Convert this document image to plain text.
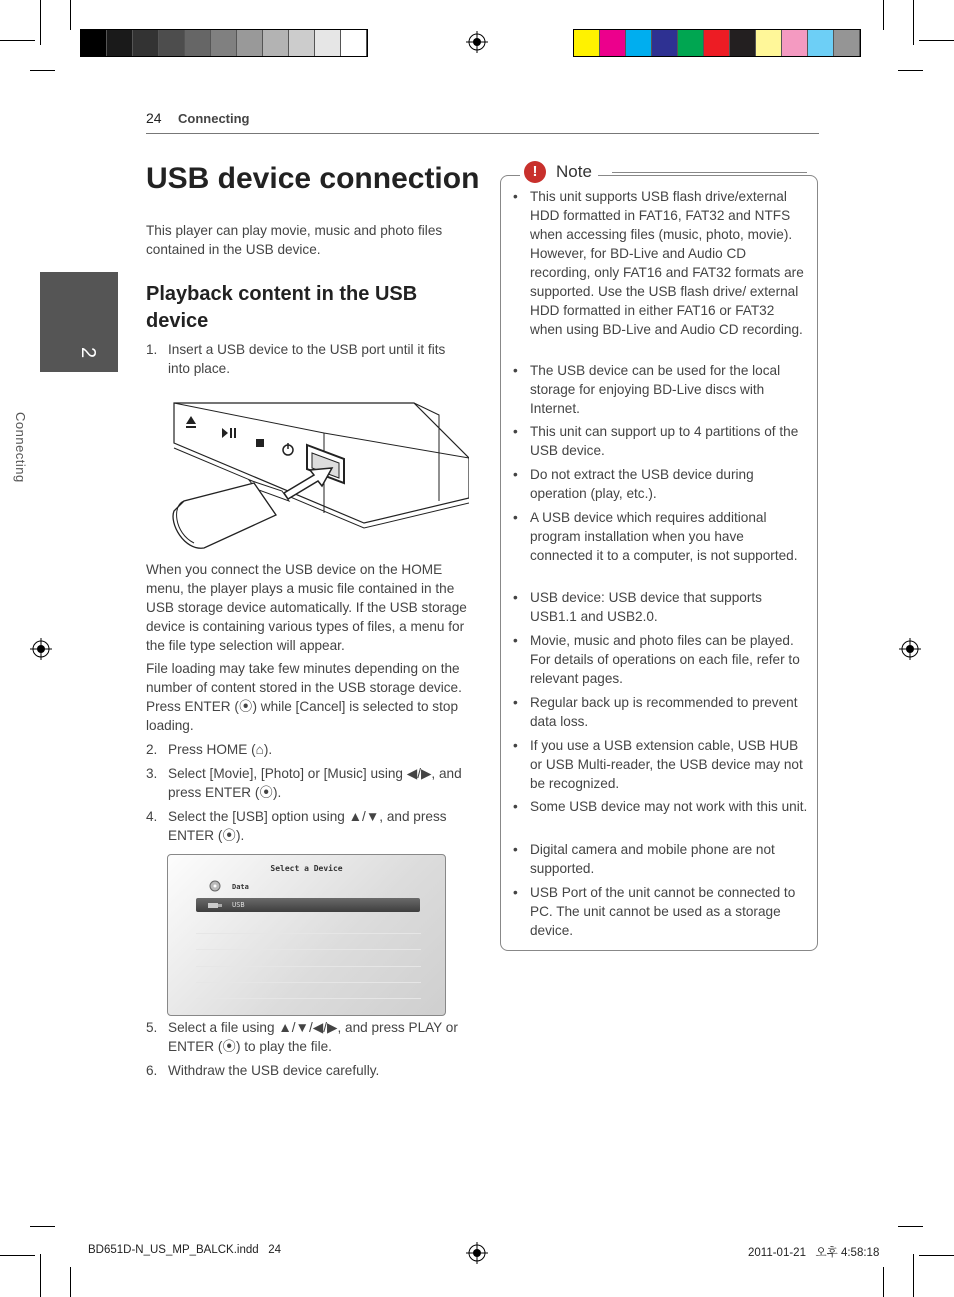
24 Connecting
2
Connecting
USB device connection
This player can play movie, music and photo files contained in the USB device.
Playback content in the USB device
1. Insert a USB device to the USB port until it fits into place.
When you connect the USB device on the HOME menu, the player plays a music file contained in the USB storage device automatically. If the USB storage device is containing various types of files, a menu for the file type selection will appear.
File loading may take few minutes depending on the number of content stored in the USB storage device. Press ENTER (⦿) while [Cancel] is selected to stop loading.
2. Press HOME (⌂).
3. Select [Movie], [Photo] or [Music] using ◀/▶, and press ENTER (⦿).
4. Select the [USB] option using ▲/▼, and press ENTER (⦿).
Select a Device
Data
USB
5. Select a file using ▲/▼/◀/▶, and press PLAY or ENTER (⦿) to play the file.
6. Withdraw the USB device carefully.
!	Note
• This unit supports USB flash drive/external HDD formatted in FAT16, FAT32 and NTFS when accessing files (music, photo, movie). However, for BD-Live and Audio CD recording, only FAT16 and FAT32 formats are supported. Use the USB flash drive/ external HDD formatted in either FAT16 or FAT32 when using BD-Live and Audio CD recording.
• The USB device can be used for the local storage for enjoying BD-Live discs with Internet.
• This unit can support up to 4 partitions of the USB device.
• Do not extract the USB device during operation (play, etc.).
• A USB device which requires additional program installation when you have connected it to a computer, is not supported.
• USB device: USB device that supports USB1.1 and USB2.0.
• Movie, music and photo files can be played. For details of operations on each file, refer to relevant pages.
• Regular back up is recommended to prevent data loss.
• If you use a USB extension cable, USB HUB or USB Multi-reader, the USB device may not be recognized.
• Some USB device may not work with this unit.
• Digital camera and mobile phone are not supported.
• USB Port of the unit cannot be connected to PC. The unit cannot be used as a storage device.
BD651D-N_US_MP_BALCK.indd   24	2011-01-21   오후 4:58:18
